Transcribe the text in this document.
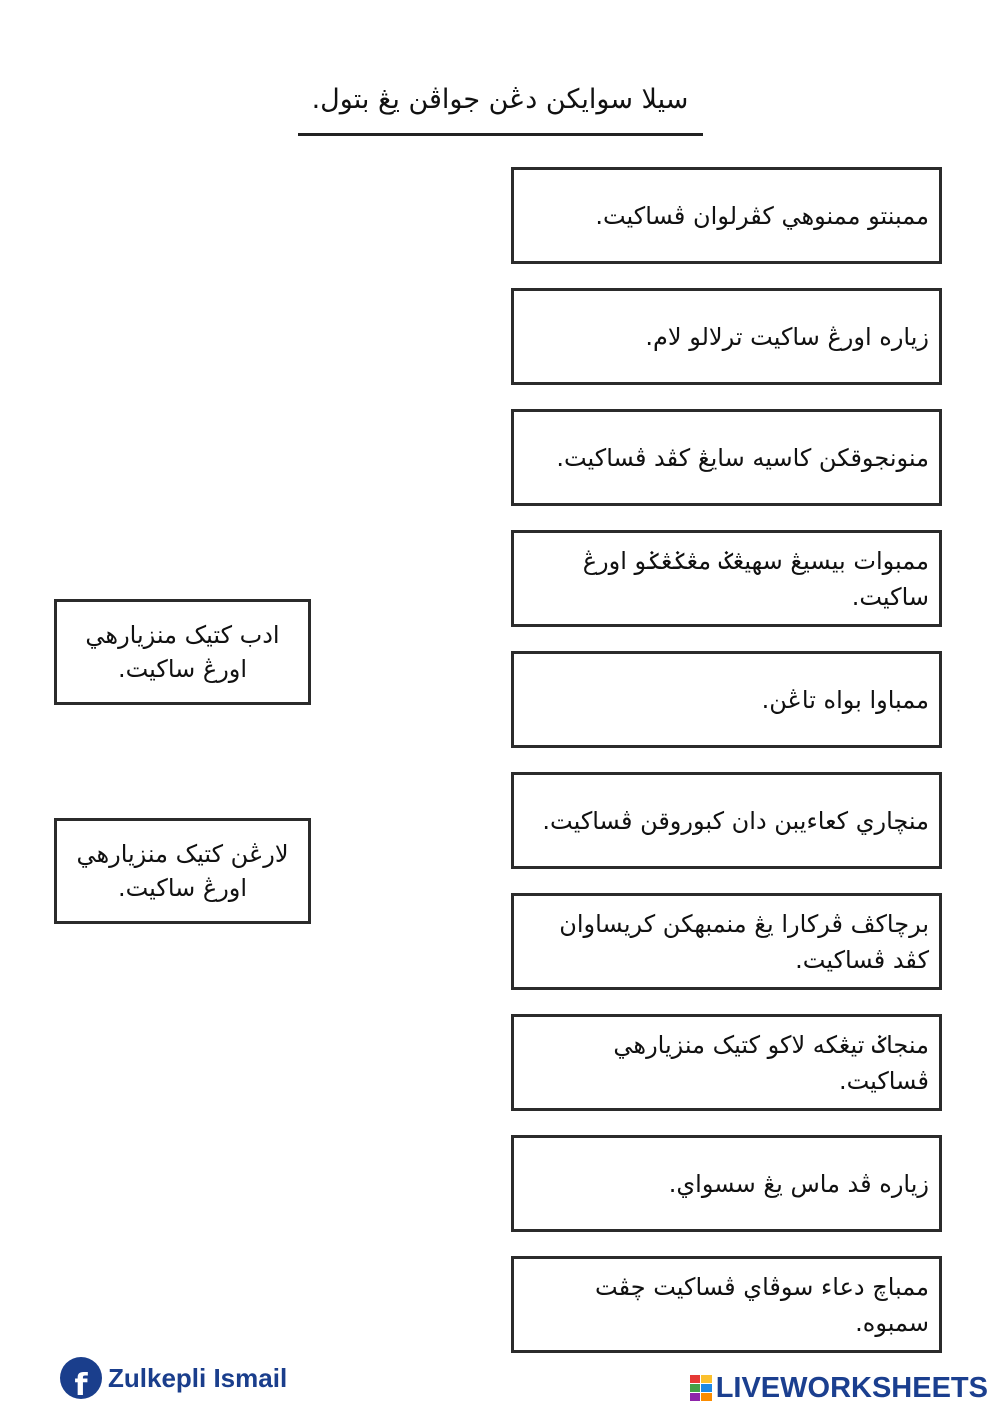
سيلا سوايکن دڠن جواڤن يڠ بتول.
ممبنتو ممنوهي کڤرلوان ڤساکيت.
زياره اورڠ ساکيت ترلالو لام.
منونجوقکن کاسيه سايڠ کڤد ڤساکيت.
ممبوات بيسيڠ سهيڠݢ مڠݢڠݢو اورڠ ساکيت.
ممباوا بواه تاڠن.
منچاري کعاءيبن دان کبوروقن ڤساکيت.
برچاکڤ ڤرکارا يڠ منمبهکن کريساوان کڤد ڤساکيت.
منجاݢ تيڠکه لاکو کتيک منزيارهي ڤساکيت.
زياره ڤد ماس يڠ سسواي.
ممباچ دعاء سوڤاي ڤساکيت چڤت سمبوه.
ادب کتيک منزيارهي اورڠ ساکيت.
لارڠن کتيک منزيارهي اورڠ ساکيت.
f Zulkepli Ismail	LIVEWORKSHEETS
